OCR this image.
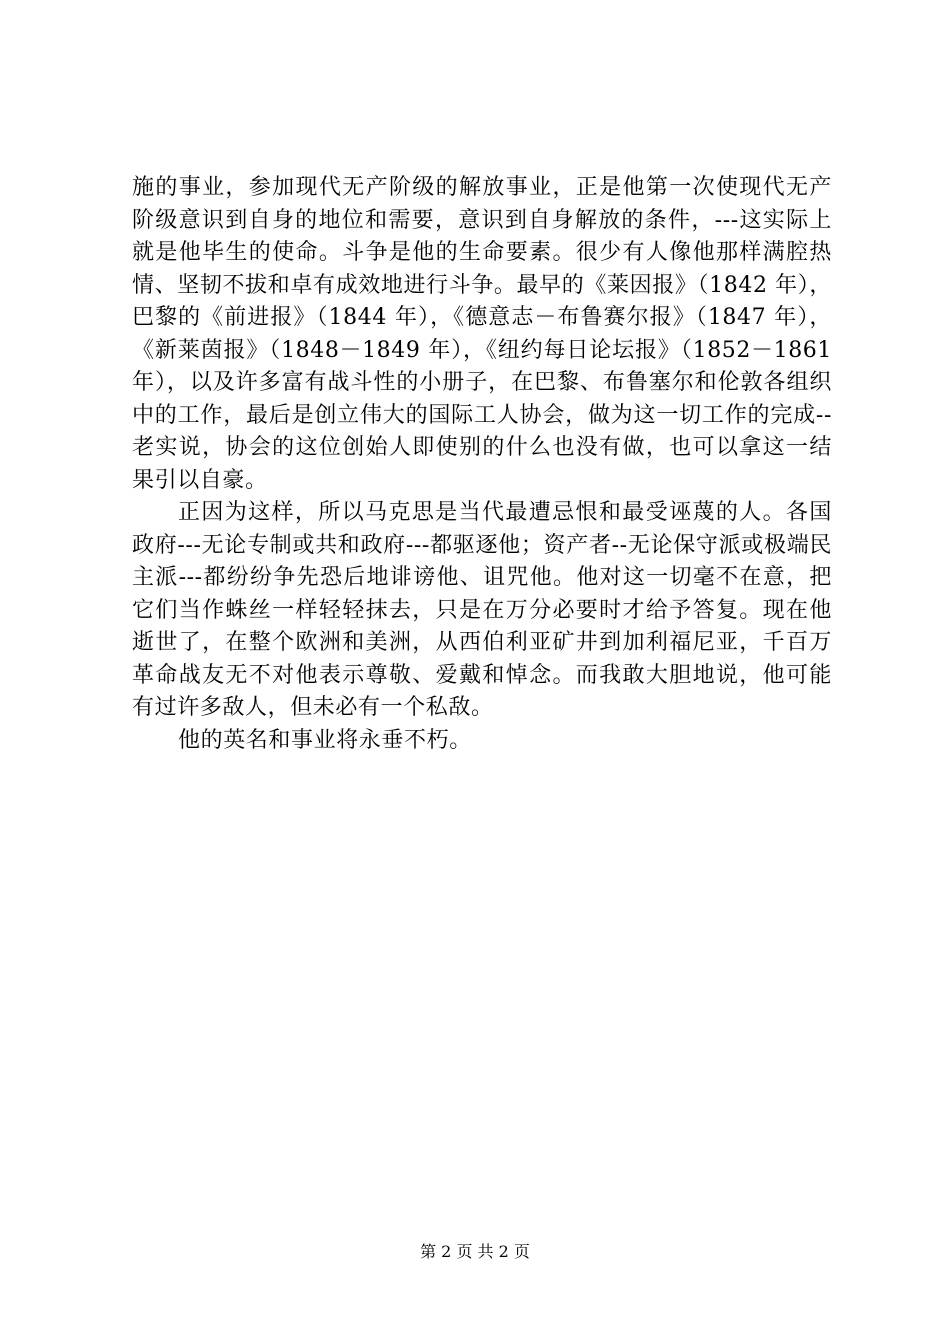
施的事业，参加现代无产阶级的解放事业，正是他第一次使现代无产阶级意识到自身的地位和需要，意识到自身解放的条件，---这实际上就是他毕生的使命。斗争是他的生命要素。很少有人像他那样满腔热情、坚韧不拔和卓有成效地进行斗争。最早的《莱因报》（1842 年），巴黎的《前进报》（1844 年），《德意志－布鲁赛尔报》（1847 年），《新莱茵报》（1848－1849 年），《纽约每日论坛报》（1852－1861 年），以及许多富有战斗性的小册子，在巴黎、布鲁塞尔和伦敦各组织中的工作，最后是创立伟大的国际工人协会，做为这一切工作的完成--老实说，协会的这位创始人即使别的什么也没有做，也可以拿这一结果引以自豪。

正因为这样，所以马克思是当代最遭忌恨和最受诬蔑的人。各国政府---无论专制或共和政府---都驱逐他；资产者--无论保守派或极端民主派---都纷纷争先恐后地诽谤他、诅咒他。他对这一切毫不在意，把它们当作蛛丝一样轻轻抹去，只是在万分必要时才给予答复。现在他逝世了，在整个欧洲和美洲，从西伯利亚矿井到加利福尼亚，千百万革命战友无不对他表示尊敬、爱戴和悼念。而我敢大胆地说，他可能有过许多敌人，但未必有一个私敌。

他的英名和事业将永垂不朽。

第 2 页 共 2 页
